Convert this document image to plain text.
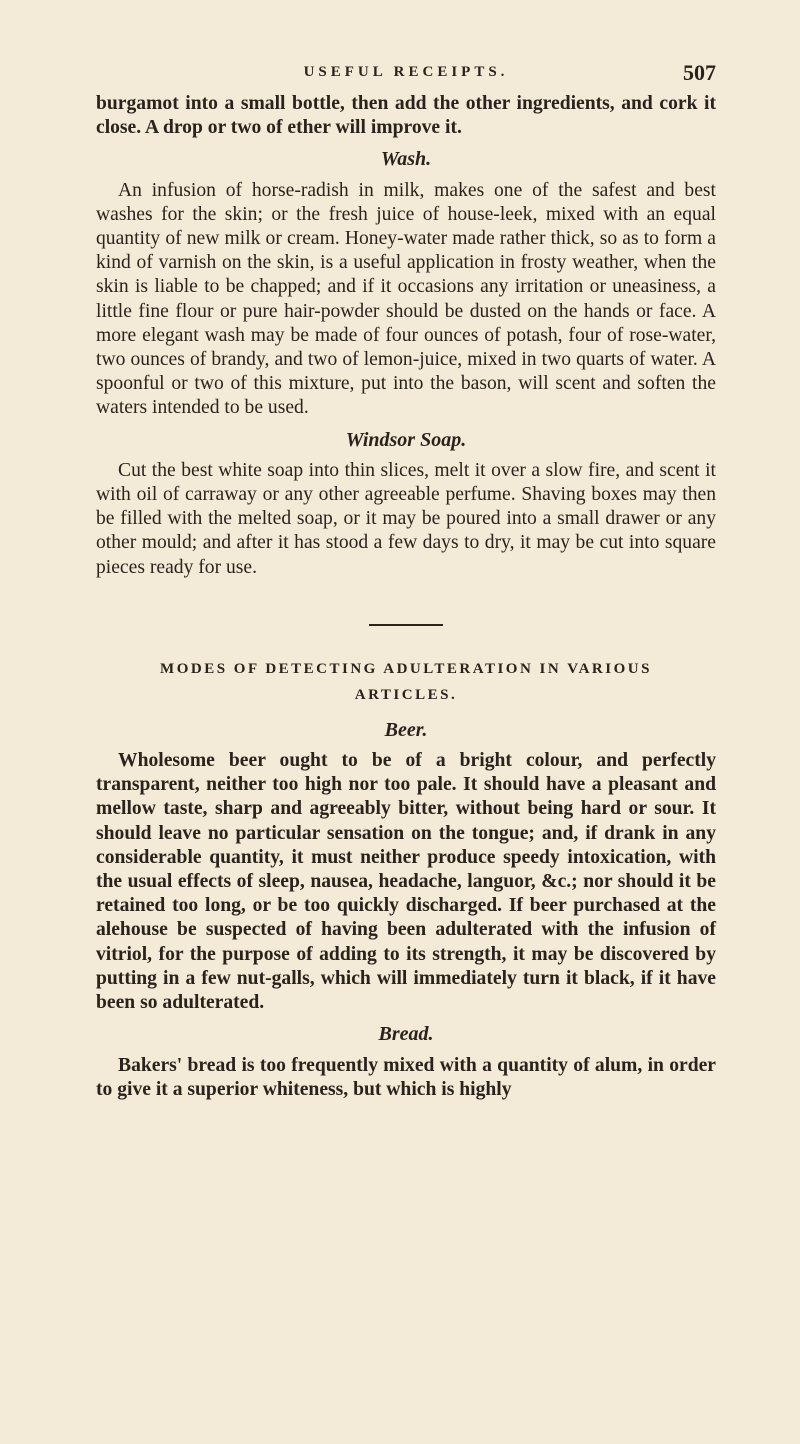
USEFUL RECEIPTS.	507

burgamot into a small bottle, then add the other ingredients, and cork it close. A drop or two of ether will improve it.

Wash.

An infusion of horse-radish in milk, makes one of the safest and best washes for the skin; or the fresh juice of house-leek, mixed with an equal quantity of new milk or cream. Honey-water made rather thick, so as to form a kind of varnish on the skin, is a useful application in frosty weather, when the skin is liable to be chapped; and if it occasions any irritation or uneasiness, a little fine flour or pure hair-powder should be dusted on the hands or face. A more elegant wash may be made of four ounces of potash, four of rose-water, two ounces of brandy, and two of lemon-juice, mixed in two quarts of water. A spoonful or two of this mixture, put into the bason, will scent and soften the waters intended to be used.

Windsor Soap.

Cut the best white soap into thin slices, melt it over a slow fire, and scent it with oil of carraway or any other agreeable perfume. Shaving boxes may then be filled with the melted soap, or it may be poured into a small drawer or any other mould; and after it has stood a few days to dry, it may be cut into square pieces ready for use.

MODES OF DETECTING ADULTERATION IN VARIOUS
ARTICLES.
Beer.

Wholesome beer ought to be of a bright colour, and perfectly transparent, neither too high nor too pale. It should have a pleasant and mellow taste, sharp and agreeably bitter, without being hard or sour. It should leave no particular sensation on the tongue; and, if drank in any considerable quantity, it must neither produce speedy intoxication, with the usual effects of sleep, nausea, headache, languor, &c.; nor should it be retained too long, or be too quickly discharged. If beer purchased at the alehouse be suspected of having been adulterated with the infusion of vitriol, for the purpose of adding to its strength, it may be discovered by putting in a few nut-galls, which will immediately turn it black, if it have been so adulterated.

Bread.

Bakers' bread is too frequently mixed with a quantity of alum, in order to give it a superior whiteness, but which is highly
